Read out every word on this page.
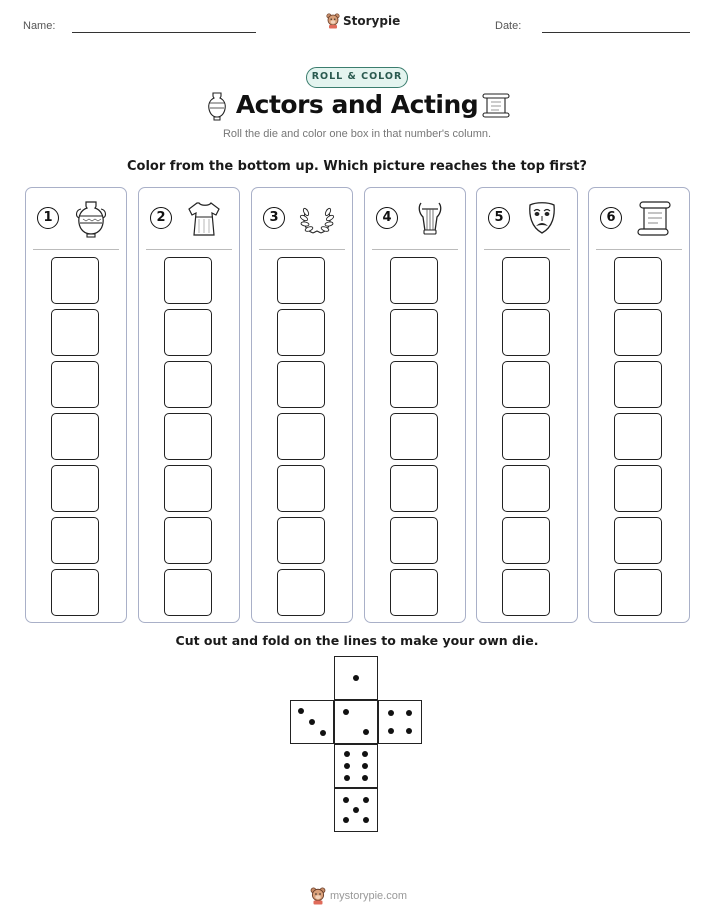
Name:	Storypie	Date:
ROLL & COLOR
Actors and Acting
Roll the die and color one box in that number's column.
Color from the bottom up. Which picture reaches the top first?
1	2	3	4	5	6
Cut out and fold on the lines to make your own die.
mystorypie.com
